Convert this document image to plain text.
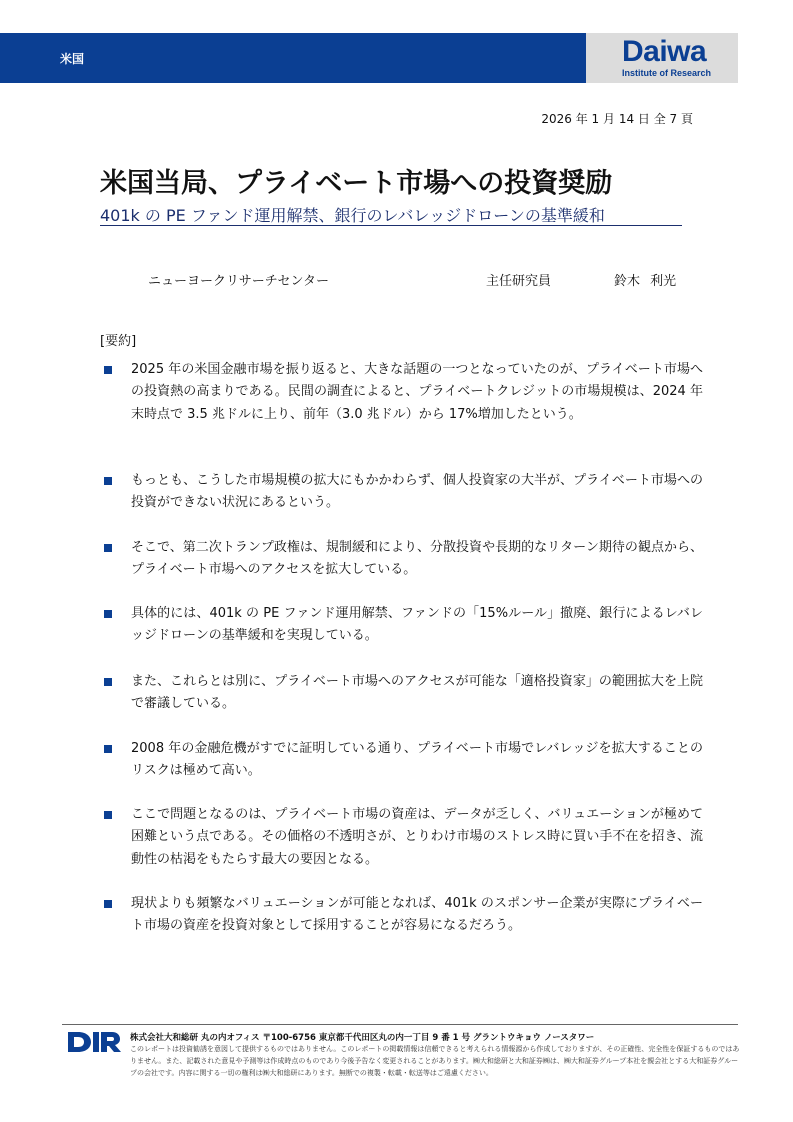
米国	Daiwa
Institute of Research
2026 年 1 月 14 日 全 7 頁
米国当局、プライベート市場への投資奨励
401k の PE ファンド運用解禁、銀行のレバレッジドローンの基準緩和
ニューヨークリサーチセンター	主任研究員	鈴木 利光
[要約]
2025 年の米国金融市場を振り返ると、大きな話題の一つとなっていたのが、プライベート市場への投資熱の高まりである。民間の調査によると、プライベートクレジットの市場規模は、2024 年末時点で 3.5 兆ドルに上り、前年（3.0 兆ドル）から 17%増加したという。
もっとも、こうした市場規模の拡大にもかかわらず、個人投資家の大半が、プライベート市場への投資ができない状況にあるという。
そこで、第二次トランプ政権は、規制緩和により、分散投資や長期的なリターン期待の観点から、プライベート市場へのアクセスを拡大している。
具体的には、401k の PE ファンド運用解禁、ファンドの「15%ルール」撤廃、銀行によるレバレッジドローンの基準緩和を実現している。
また、これらとは別に、プライベート市場へのアクセスが可能な「適格投資家」の範囲拡大を上院で審議している。
2008 年の金融危機がすでに証明している通り、プライベート市場でレバレッジを拡大することのリスクは極めて高い。
ここで問題となるのは、プライベート市場の資産は、データが乏しく、バリュエーションが極めて困難という点である。その価格の不透明さが、とりわけ市場のストレス時に買い手不在を招き、流動性の枯渇をもたらす最大の要因となる。
現状よりも頻繁なバリュエーションが可能となれば、401k のスポンサー企業が実際にプライベート市場の資産を投資対象として採用することが容易になるだろう。
株式会社大和総研 丸の内オフィス 〒100-6756 東京都千代田区丸の内一丁目 9 番 1 号 グラントウキョウ ノースタワー
このレポートは投資勧誘を意図して提供するものではありません。このレポートの掲載情報は信頼できると考えられる情報源から作成しておりますが、その正確性、完全性を保証するものではありません。また、記載された意見や予測等は作成時点のものであり今後予告なく変更されることがあります。㈱大和総研と大和証券㈱は、㈱大和証券グループ本社を親会社とする大和証券グループの会社です。内容に関する一切の権利は㈱大和総研にあります。無断での複製・転載・転送等はご遠慮ください。
